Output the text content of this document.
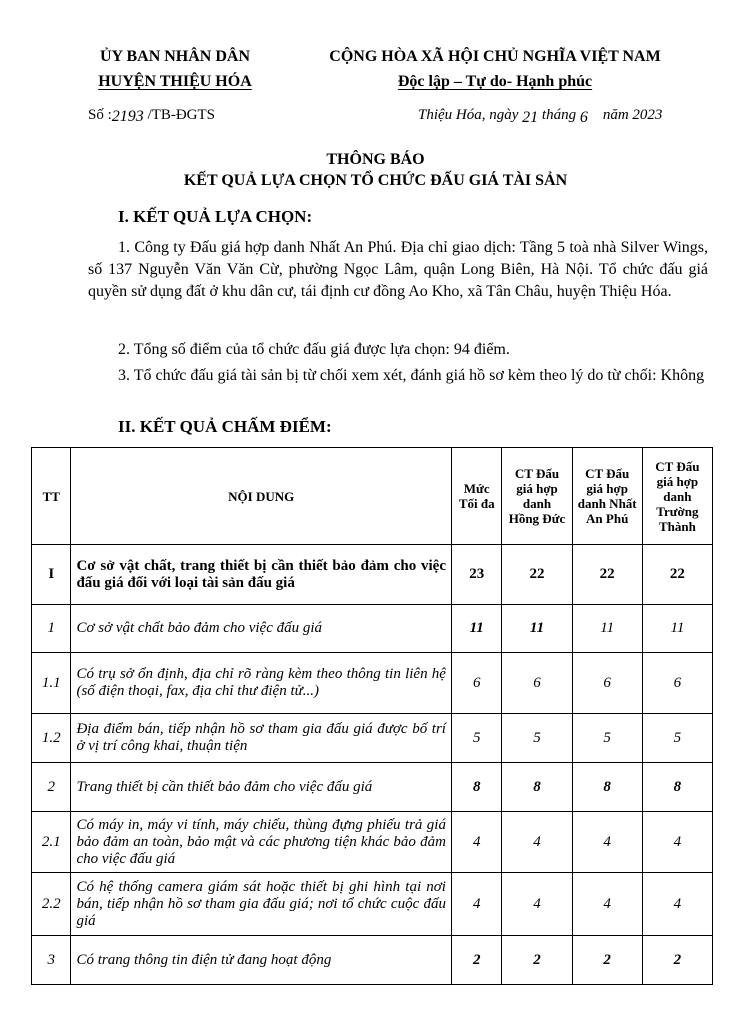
ỦY BAN NHÂN DÂN
HUYỆN THIỆU HÓA
CỘNG HÒA XÃ HỘI CHỦ NGHĨA VIỆT NAM
Độc lập – Tự do- Hạnh phúc
Số :2193 /TB-ĐGTS	Thiệu Hóa, ngày 21 tháng 6 năm 2023
THÔNG BÁO
KẾT QUẢ LỰA CHỌN TỔ CHỨC ĐẤU GIÁ TÀI SẢN
I. KẾT QUẢ LỰA CHỌN:
1. Công ty Đấu giá hợp danh Nhất An Phú. Địa chỉ giao dịch: Tầng 5 toà nhà Silver Wings, số 137 Nguyễn Văn Văn Cừ, phường Ngọc Lâm, quận Long Biên, Hà Nội. Tổ chức đấu giá quyền sử dụng đất ở khu dân cư, tái định cư đồng Ao Kho, xã Tân Châu, huyện Thiệu Hóa.
2. Tổng số điểm của tổ chức đấu giá được lựa chọn: 94 điểm.
3. Tổ chức đấu giá tài sản bị từ chối xem xét, đánh giá hồ sơ kèm theo lý do từ chối: Không
II. KẾT QUẢ CHẤM ĐIỂM:
TT	NỘI DUNG	Mức Tối đa	CT Đấu giá hợp danh Hồng Đức	CT Đấu giá hợp danh Nhất An Phú	CT Đấu giá hợp danh Trường Thành
I	Cơ sở vật chất, trang thiết bị cần thiết bảo đảm cho việc đấu giá đối với loại tài sản đấu giá	23	22	22	22
1	Cơ sở vật chất bảo đảm cho việc đấu giá	11	11	11	11
1.1	Có trụ sở ổn định, địa chỉ rõ ràng kèm theo thông tin liên hệ (số điện thoại, fax, địa chỉ thư điện tử...)	6	6	6	6
1.2	Địa điểm bán, tiếp nhận hồ sơ tham gia đấu giá được bố trí ở vị trí công khai, thuận tiện	5	5	5	5
2	Trang thiết bị cần thiết bảo đảm cho việc đấu giá	8	8	8	8
2.1	Có máy in, máy vi tính, máy chiếu, thùng đựng phiếu trả giá bảo đảm an toàn, bảo mật và các phương tiện khác bảo đảm cho việc đấu giá	4	4	4	4
2.2	Có hệ thống camera giám sát hoặc thiết bị ghi hình tại nơi bán, tiếp nhận hồ sơ tham gia đấu giá; nơi tổ chức cuộc đấu giá	4	4	4	4
3	Có trang thông tin điện tử đang hoạt động	2	2	2	2
